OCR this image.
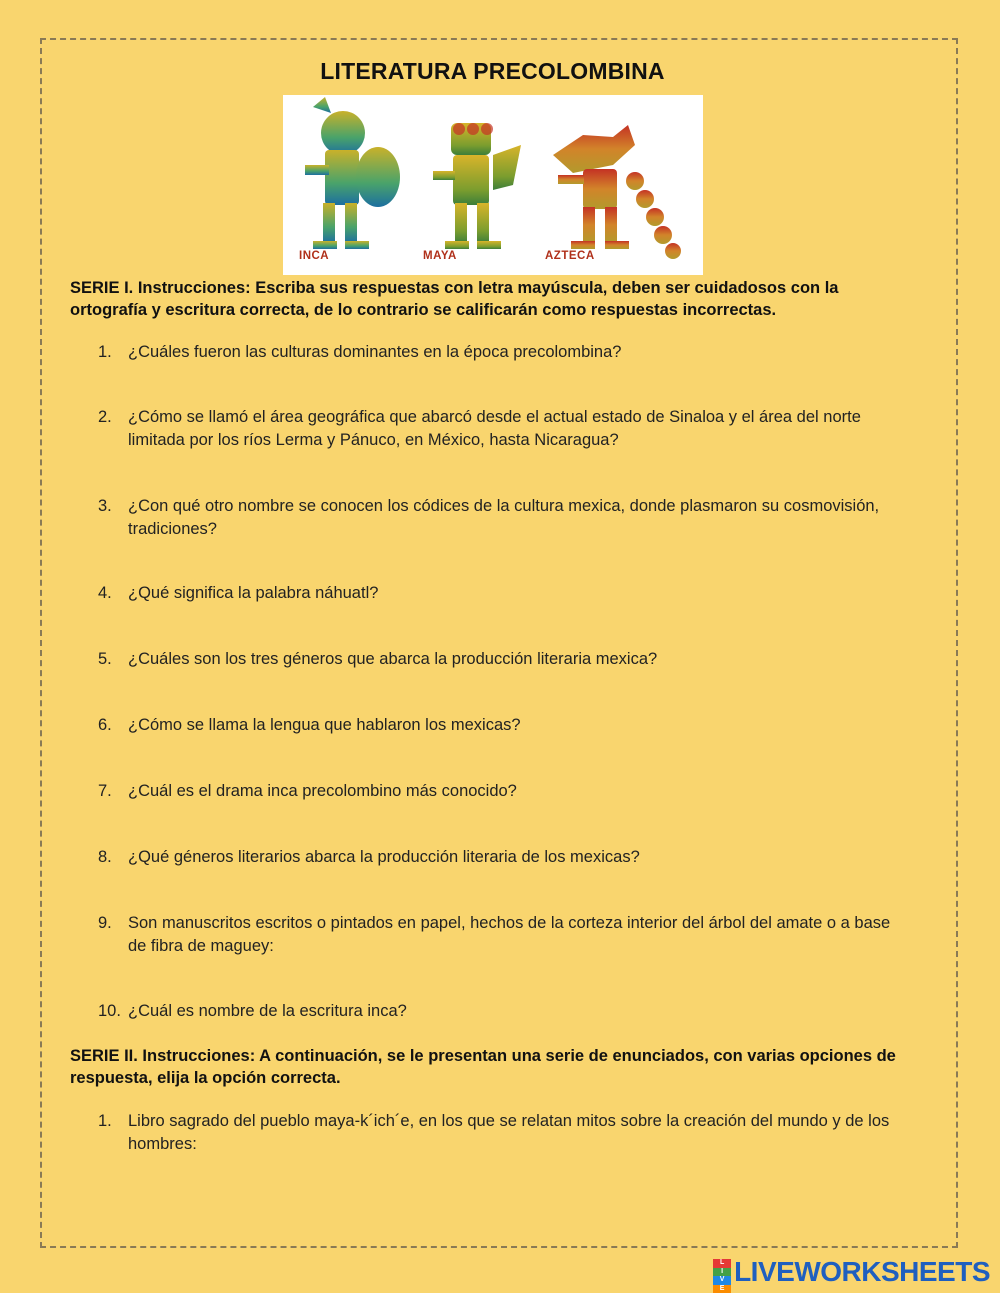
LITERATURA PRECOLOMBINA
INCA	MAYA	AZTECA
SERIE I. Instrucciones: Escriba sus respuestas con letra mayúscula, deben ser cuidadosos con la ortografía y escritura correcta, de lo contrario se calificarán como respuestas incorrectas.
1. ¿Cuáles fueron las culturas dominantes en la época precolombina?
2. ¿Cómo se llamó el área geográfica que abarcó desde el actual estado de Sinaloa y el área del norte limitada por los ríos Lerma y Pánuco, en México, hasta Nicaragua?
3. ¿Con qué otro nombre se conocen los códices de la cultura mexica, donde plasmaron su cosmovisión, tradiciones?
4. ¿Qué significa la palabra náhuatl?
5. ¿Cuáles son los tres géneros que abarca la producción literaria mexica?
6. ¿Cómo se llama la lengua que hablaron los mexicas?
7. ¿Cuál es el drama inca precolombino más conocido?
8. ¿Qué géneros literarios abarca la producción literaria de los mexicas?
9. Son manuscritos escritos o pintados en papel, hechos de la corteza interior del árbol del amate o a base de fibra de maguey:
10. ¿Cuál es nombre de la escritura inca?
SERIE II. Instrucciones: A continuación, se le presentan una serie de enunciados, con varias opciones de respuesta, elija la opción correcta.
1. Libro sagrado del pueblo maya-k´ich´e, en los que se relatan mitos sobre la creación del mundo y de los hombres:
L
I
V
E
LIVEWORKSHEETS
